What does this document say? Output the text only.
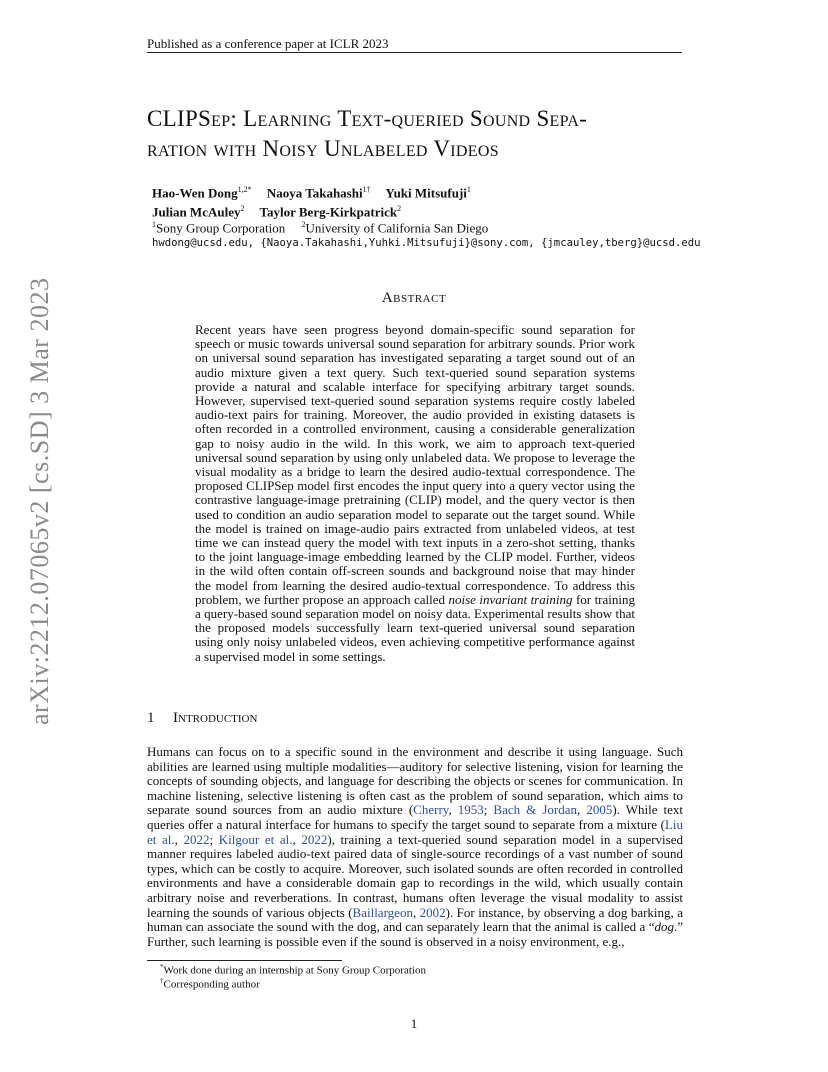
Published as a conference paper at ICLR 2023
arXiv:2212.07065v2 [cs.SD] 3 Mar 2023
CLIPSep: Learning Text-queried Sound Sepa-
ration with Noisy Unlabeled Videos
Hao-Wen Dong$^{1,2*}$ Naoya Takahashi$^{1\dagger}$ Yuki Mitsufuji$^1$
Julian McAuley$^2$ Taylor Berg-Kirkpatrick$^2$
$^1$Sony Group Corporation $^2$University of California San Diego
hwdong@ucsd.edu, {Naoya.Takahashi,Yuhki.Mitsufuji}@sony.com, {jmcauley,tberg}@ucsd.edu
Abstract
Recent years have seen progress beyond domain-specific sound separation for speech or music towards universal sound separation for arbitrary sounds. Prior work on universal sound separation has investigated separating a target sound out of an audio mixture given a text query. Such text-queried sound separation systems provide a natural and scalable interface for specifying arbitrary target sounds. However, supervised text-queried sound separation systems require costly labeled audio-text pairs for training. Moreover, the audio provided in existing datasets is often recorded in a controlled environment, causing a considerable generalization gap to noisy audio in the wild. In this work, we aim to approach text-queried universal sound separation by using only unlabeled data. We propose to leverage the visual modality as a bridge to learn the desired audio-textual correspondence. The proposed CLIPSep model first encodes the input query into a query vector using the contrastive language-image pretraining (CLIP) model, and the query vector is then used to condition an audio separation model to separate out the target sound. While the model is trained on image-audio pairs extracted from unlabeled videos, at test time we can instead query the model with text inputs in a zero-shot setting, thanks to the joint language-image embedding learned by the CLIP model. Further, videos in the wild often contain off-screen sounds and background noise that may hinder the model from learning the desired audio-textual correspondence. To address this problem, we further propose an approach called noise invariant training for training a query-based sound separation model on noisy data. Experimental results show that the proposed models successfully learn text-queried universal sound separation using only noisy unlabeled videos, even achieving competitive performance against a supervised model in some settings.
1 Introduction
Humans can focus on to a specific sound in the environment and describe it using language. Such abilities are learned using multiple modalities—auditory for selective listening, vision for learning the concepts of sounding objects, and language for describing the objects or scenes for communication. In machine listening, selective listening is often cast as the problem of sound separation, which aims to separate sound sources from an audio mixture (Cherry, 1953; Bach & Jordan, 2005). While text queries offer a natural interface for humans to specify the target sound to separate from a mixture (Liu et al., 2022; Kilgour et al., 2022), training a text-queried sound separation model in a supervised manner requires labeled audio-text paired data of single-source recordings of a vast number of sound types, which can be costly to acquire. Moreover, such isolated sounds are often recorded in controlled environments and have a considerable domain gap to recordings in the wild, which usually contain arbitrary noise and reverberations. In contrast, humans often leverage the visual modality to assist learning the sounds of various objects (Baillargeon, 2002). For instance, by observing a dog barking, a human can associate the sound with the dog, and can separately learn that the animal is called a “dog.” Further, such learning is possible even if the sound is observed in a noisy environment, e.g.,
*Work done during an internship at Sony Group Corporation
†Corresponding author
1
